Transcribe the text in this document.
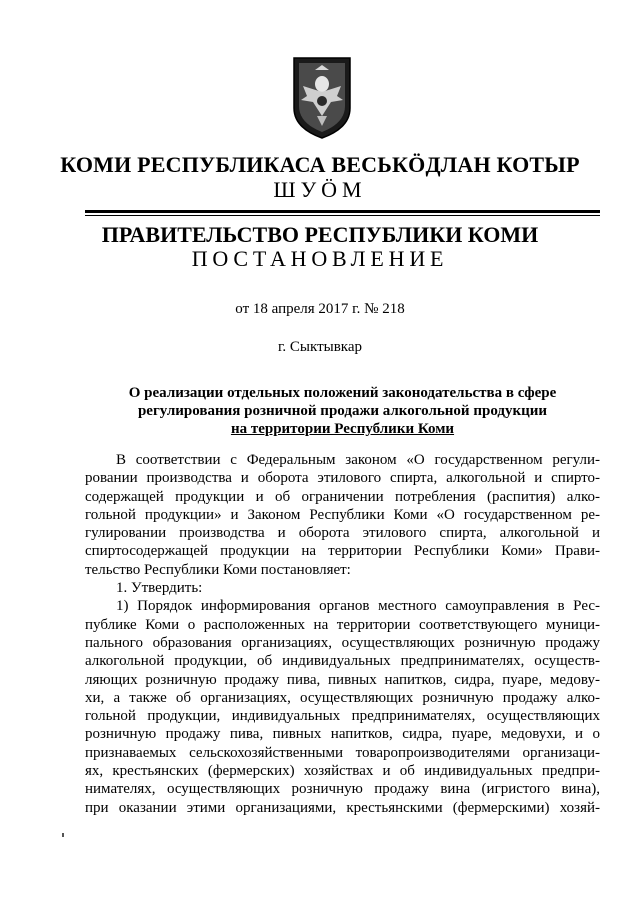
КОМИ РЕСПУБЛИКАСА ВЕСЬКÖДЛАН КОТЫР
ШУÖМ
ПРАВИТЕЛЬСТВО РЕСПУБЛИКИ КОМИ
ПОСТАНОВЛЕНИЕ
от 18 апреля 2017 г. № 218
г. Сыктывкар
О реализации отдельных положений законодательства в сфере
регулирования розничной продажи алкогольной продукции
на территории Республики Коми
В соответствии с Федеральным законом «О государственном регули-
ровании производства и оборота этилового спирта, алкогольной и спирто-
содержащей продукции и об ограничении потребления (распития) алко-
гольной продукции» и Законом Республики Коми «О государственном ре-
гулировании производства и оборота этилового спирта, алкогольной и
спиртосодержащей продукции на территории Республики Коми» Прави-
тельство Республики Коми постановляет:
1. Утвердить:
1) Порядок информирования органов местного самоуправления в Рес-
публике Коми о расположенных на территории соответствующего муници-
пального образования организациях, осуществляющих розничную продажу
алкогольной продукции, об индивидуальных предпринимателях, осуществ-
ляющих розничную продажу пива, пивных напитков, сидра, пуаре, медову-
хи, а также об организациях, осуществляющих розничную продажу алко-
гольной продукции, индивидуальных предпринимателях, осуществляющих
розничную продажу пива, пивных напитков, сидра, пуаре, медовухи, и о
признаваемых сельскохозяйственными товаропроизводителями организаци-
ях, крестьянских (фермерских) хозяйствах и об индивидуальных предпри-
нимателях, осуществляющих розничную продажу вина (игристого вина),
при оказании этими организациями, крестьянскими (фермерскими) хозяй-
